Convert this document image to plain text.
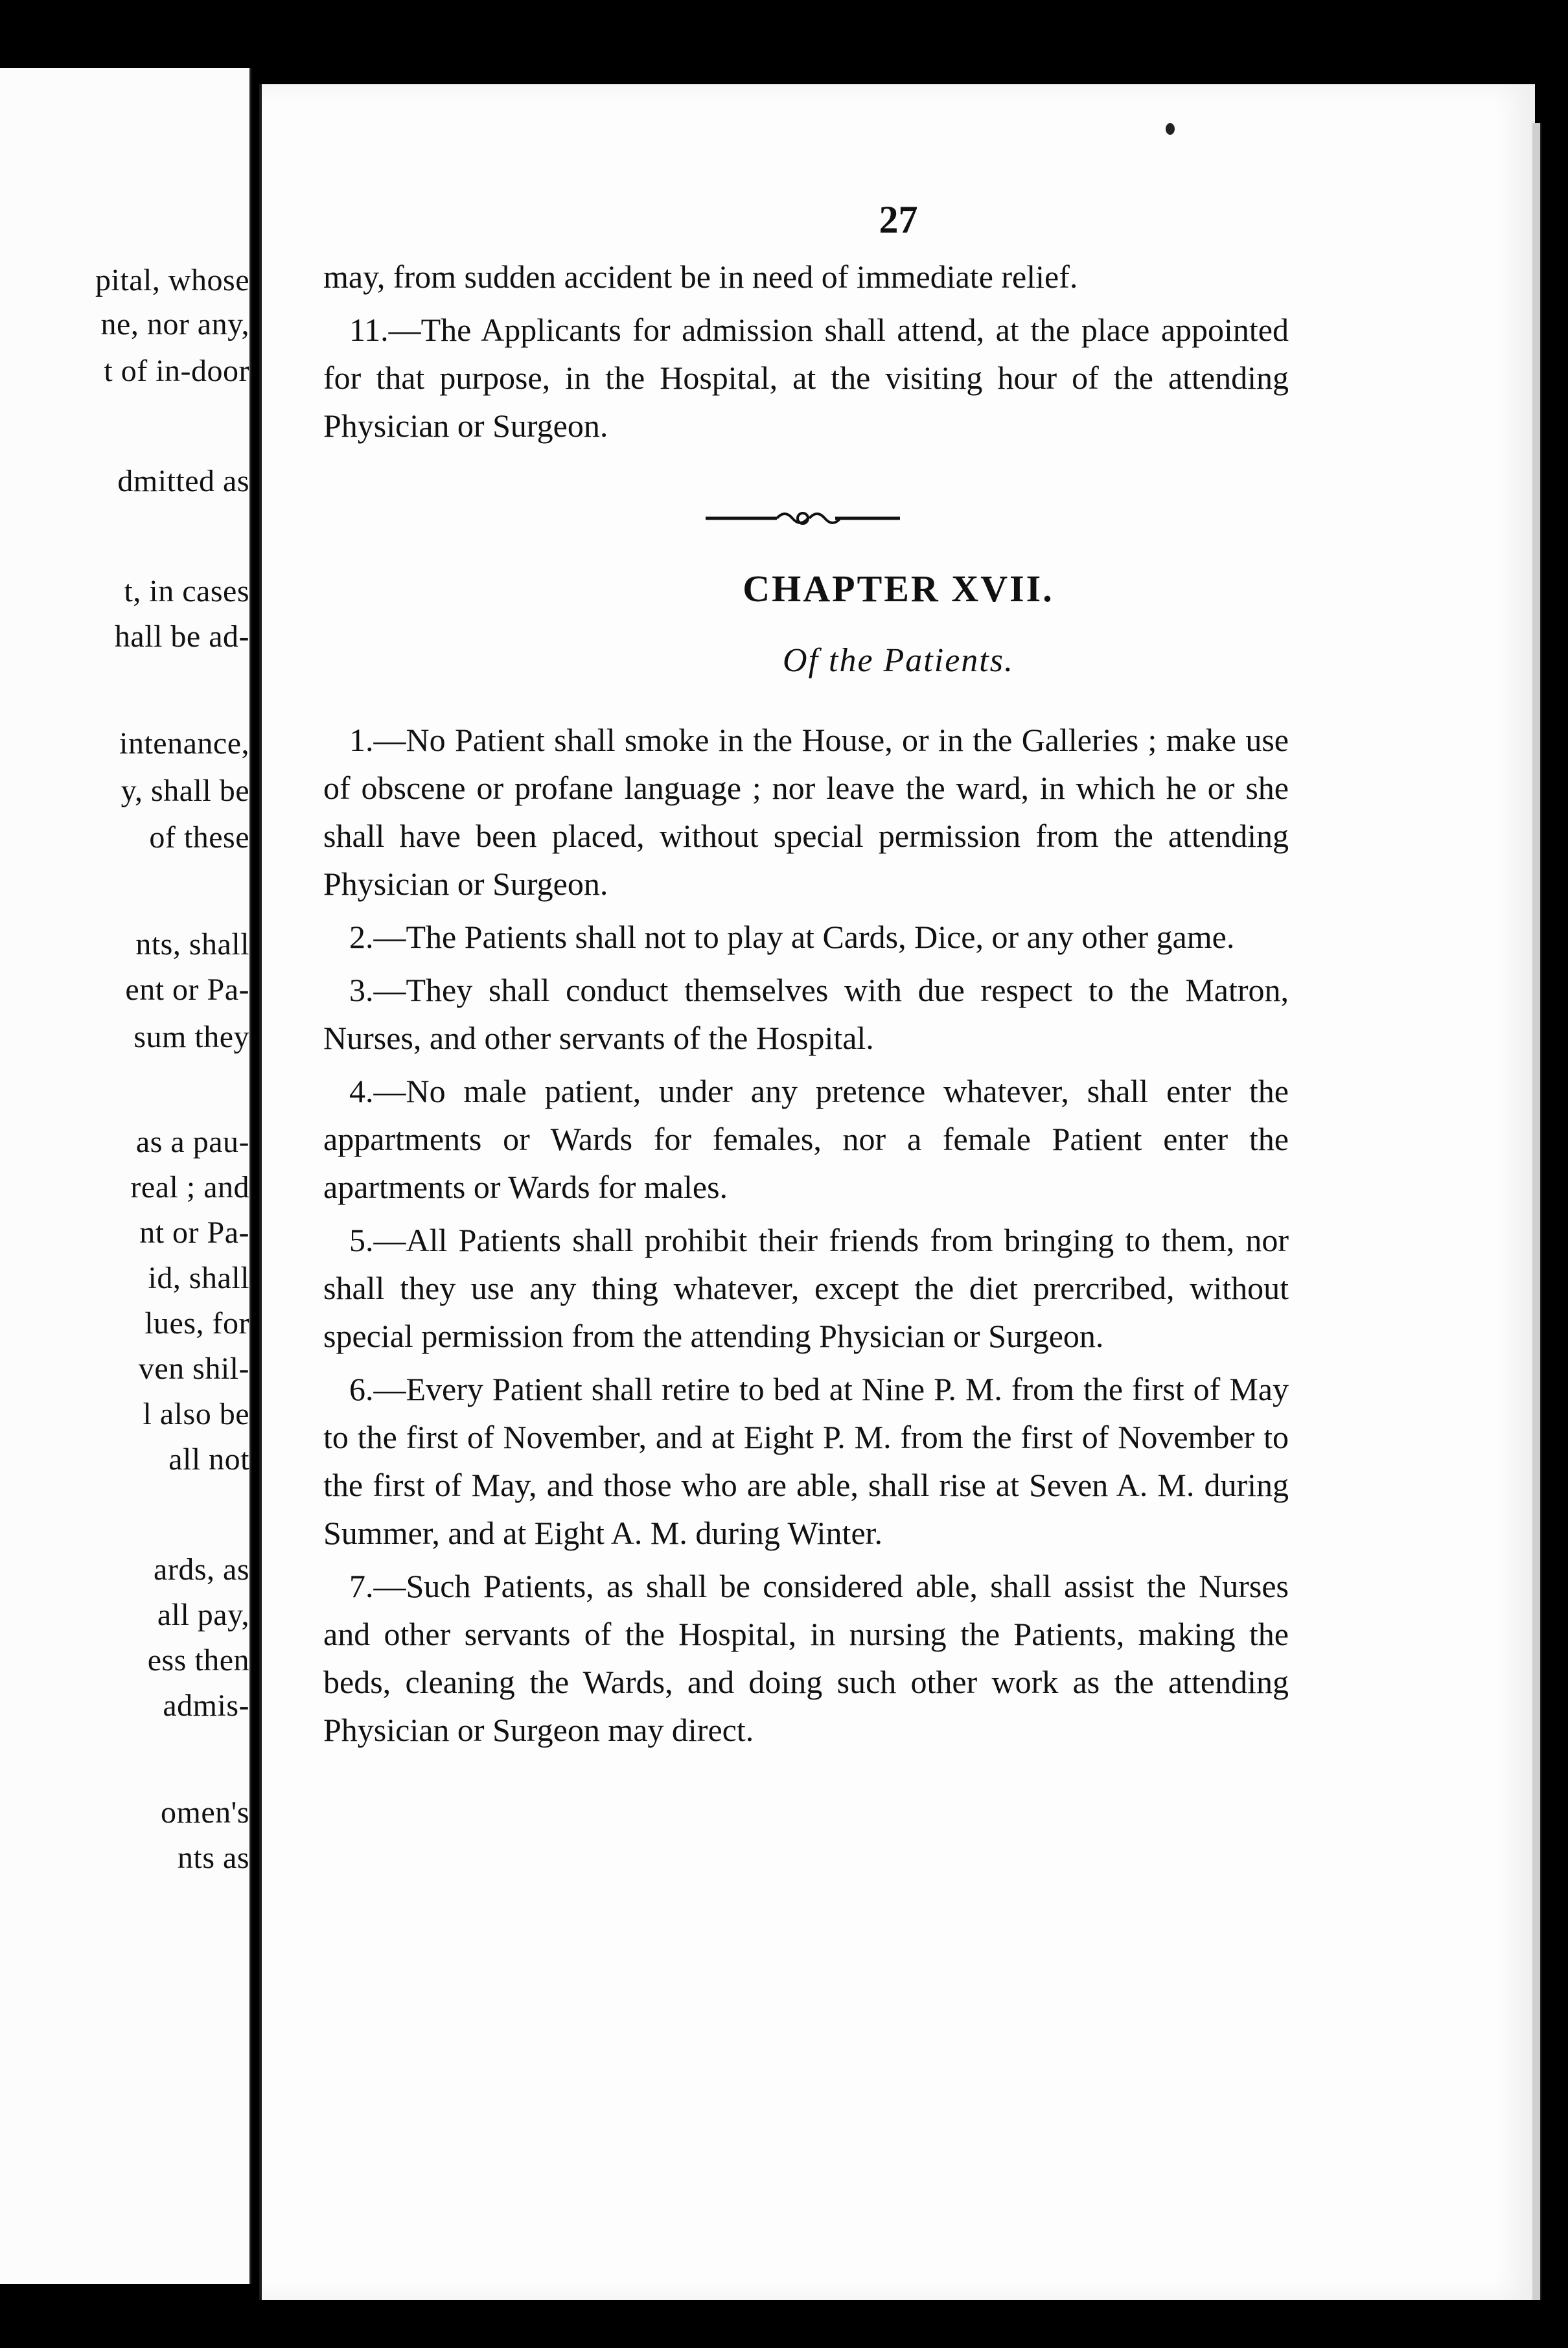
pital, whose
ne, nor any,
t of in-door
dmitted as
t, in cases
hall be ad-
intenance,
y, shall be
of these
nts, shall
ent or Pa-
sum they
as a pau-
real ; and
nt or Pa-
id, shall
lues, for
ven shil-
l also be
all not
ards, as
all pay,
ess then
admis-
omen's
nts as
27

may, from sudden accident be in need of immediate relief.

11.—The Applicants for admission shall attend, at the place appointed for that purpose, in the Hospital, at the visiting hour of the attending Physician or Surgeon.

CHAPTER XVII.
Of the Patients.

1.—No Patient shall smoke in the House, or in the Galleries ; make use of obscene or profane language ; nor leave the ward, in which he or she shall have been placed, without special permission from the attending Physician or Surgeon.

2.—The Patients shall not to play at Cards, Dice, or any other game.

3.—They shall conduct themselves with due respect to the Matron, Nurses, and other servants of the Hospital.

4.—No male patient, under any pretence whatever, shall enter the appartments or Wards for females, nor a female Patient enter the apartments or Wards for males.

5.—All Patients shall prohibit their friends from bringing to them, nor shall they use any thing whatever, except the diet prercribed, without special permission from the attending Physician or Surgeon.

6.—Every Patient shall retire to bed at Nine P. M. from the first of May to the first of November, and at Eight P. M. from the first of November to the first of May, and those who are able, shall rise at Seven A. M. during Summer, and at Eight A. M. during Winter.

7.—Such Patients, as shall be considered able, shall assist the Nurses and other servants of the Hospital, in nursing the Patients, making the beds, cleaning the Wards, and doing such other work as the attending Physician or Surgeon may direct.
